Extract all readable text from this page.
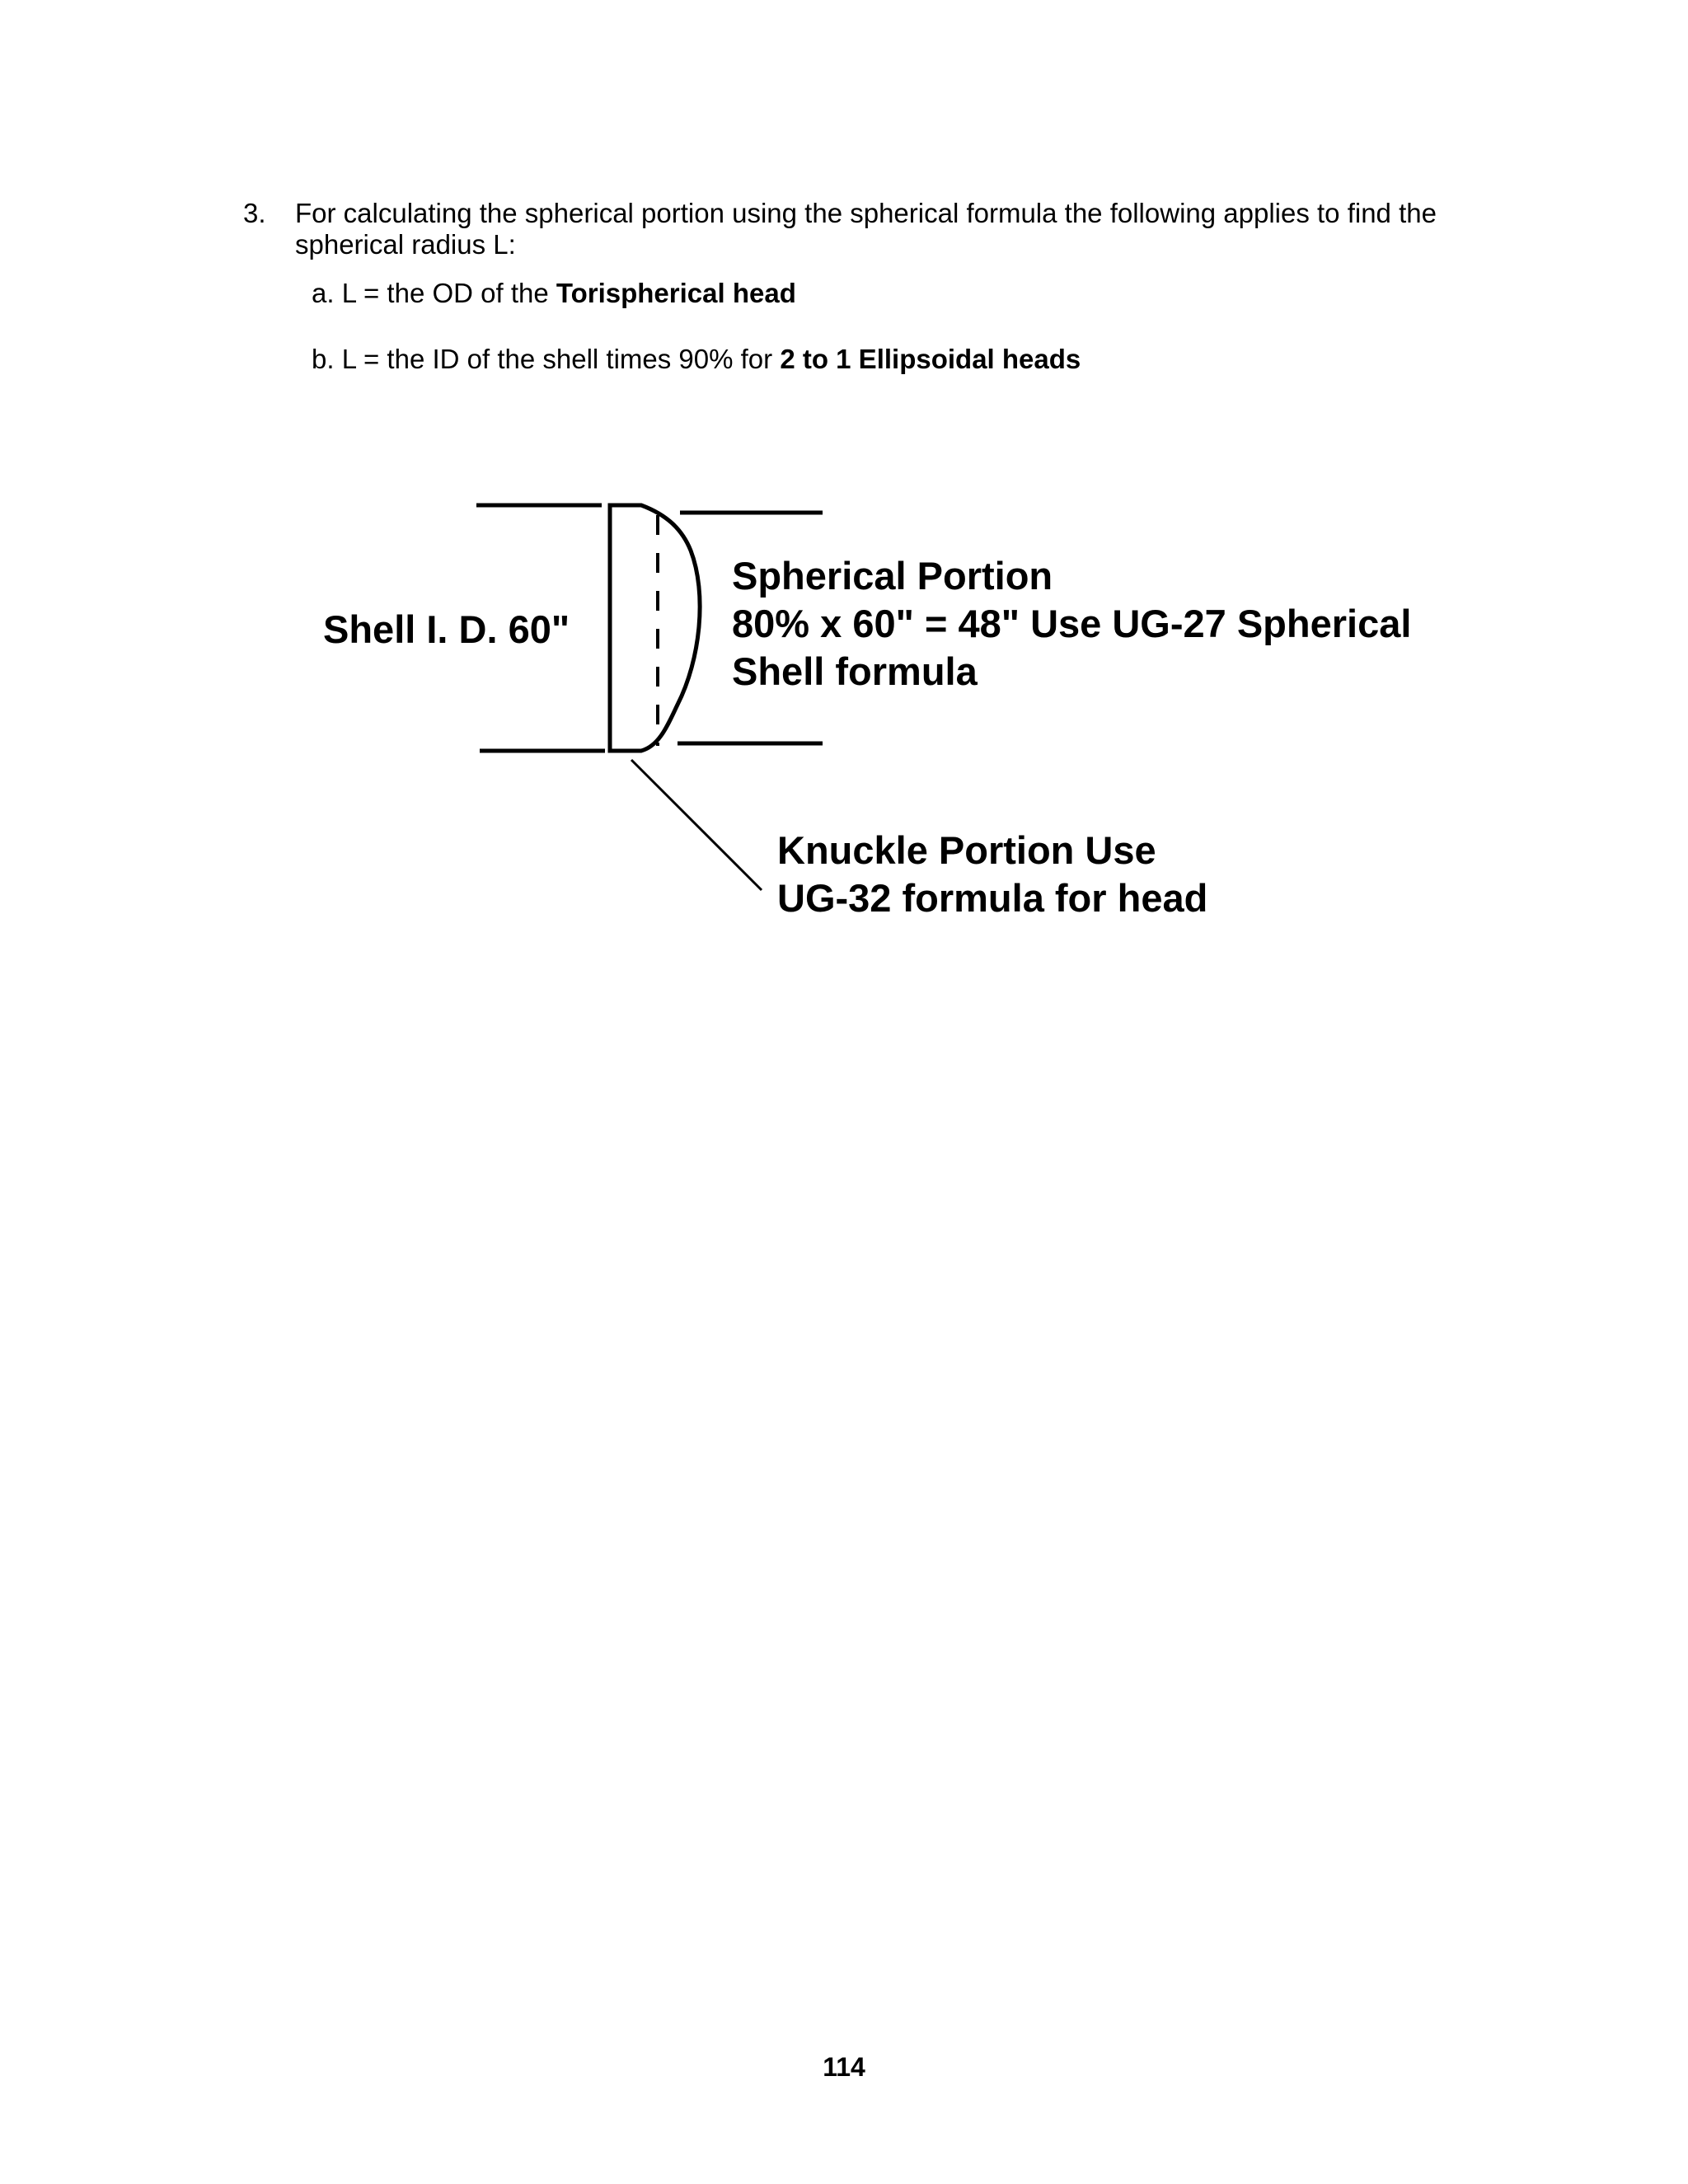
3. For calculating the spherical portion using the spherical formula the following applies to find the spherical radius L:
a. L = the OD of the Torispherical head
b. L = the ID of the shell times 90% for 2 to 1 Ellipsoidal heads
Shell I. D. 60"
Spherical Portion
80% x 60" = 48" Use UG-27 Spherical
Shell formula
Knuckle Portion Use
UG-32 formula for head
114
